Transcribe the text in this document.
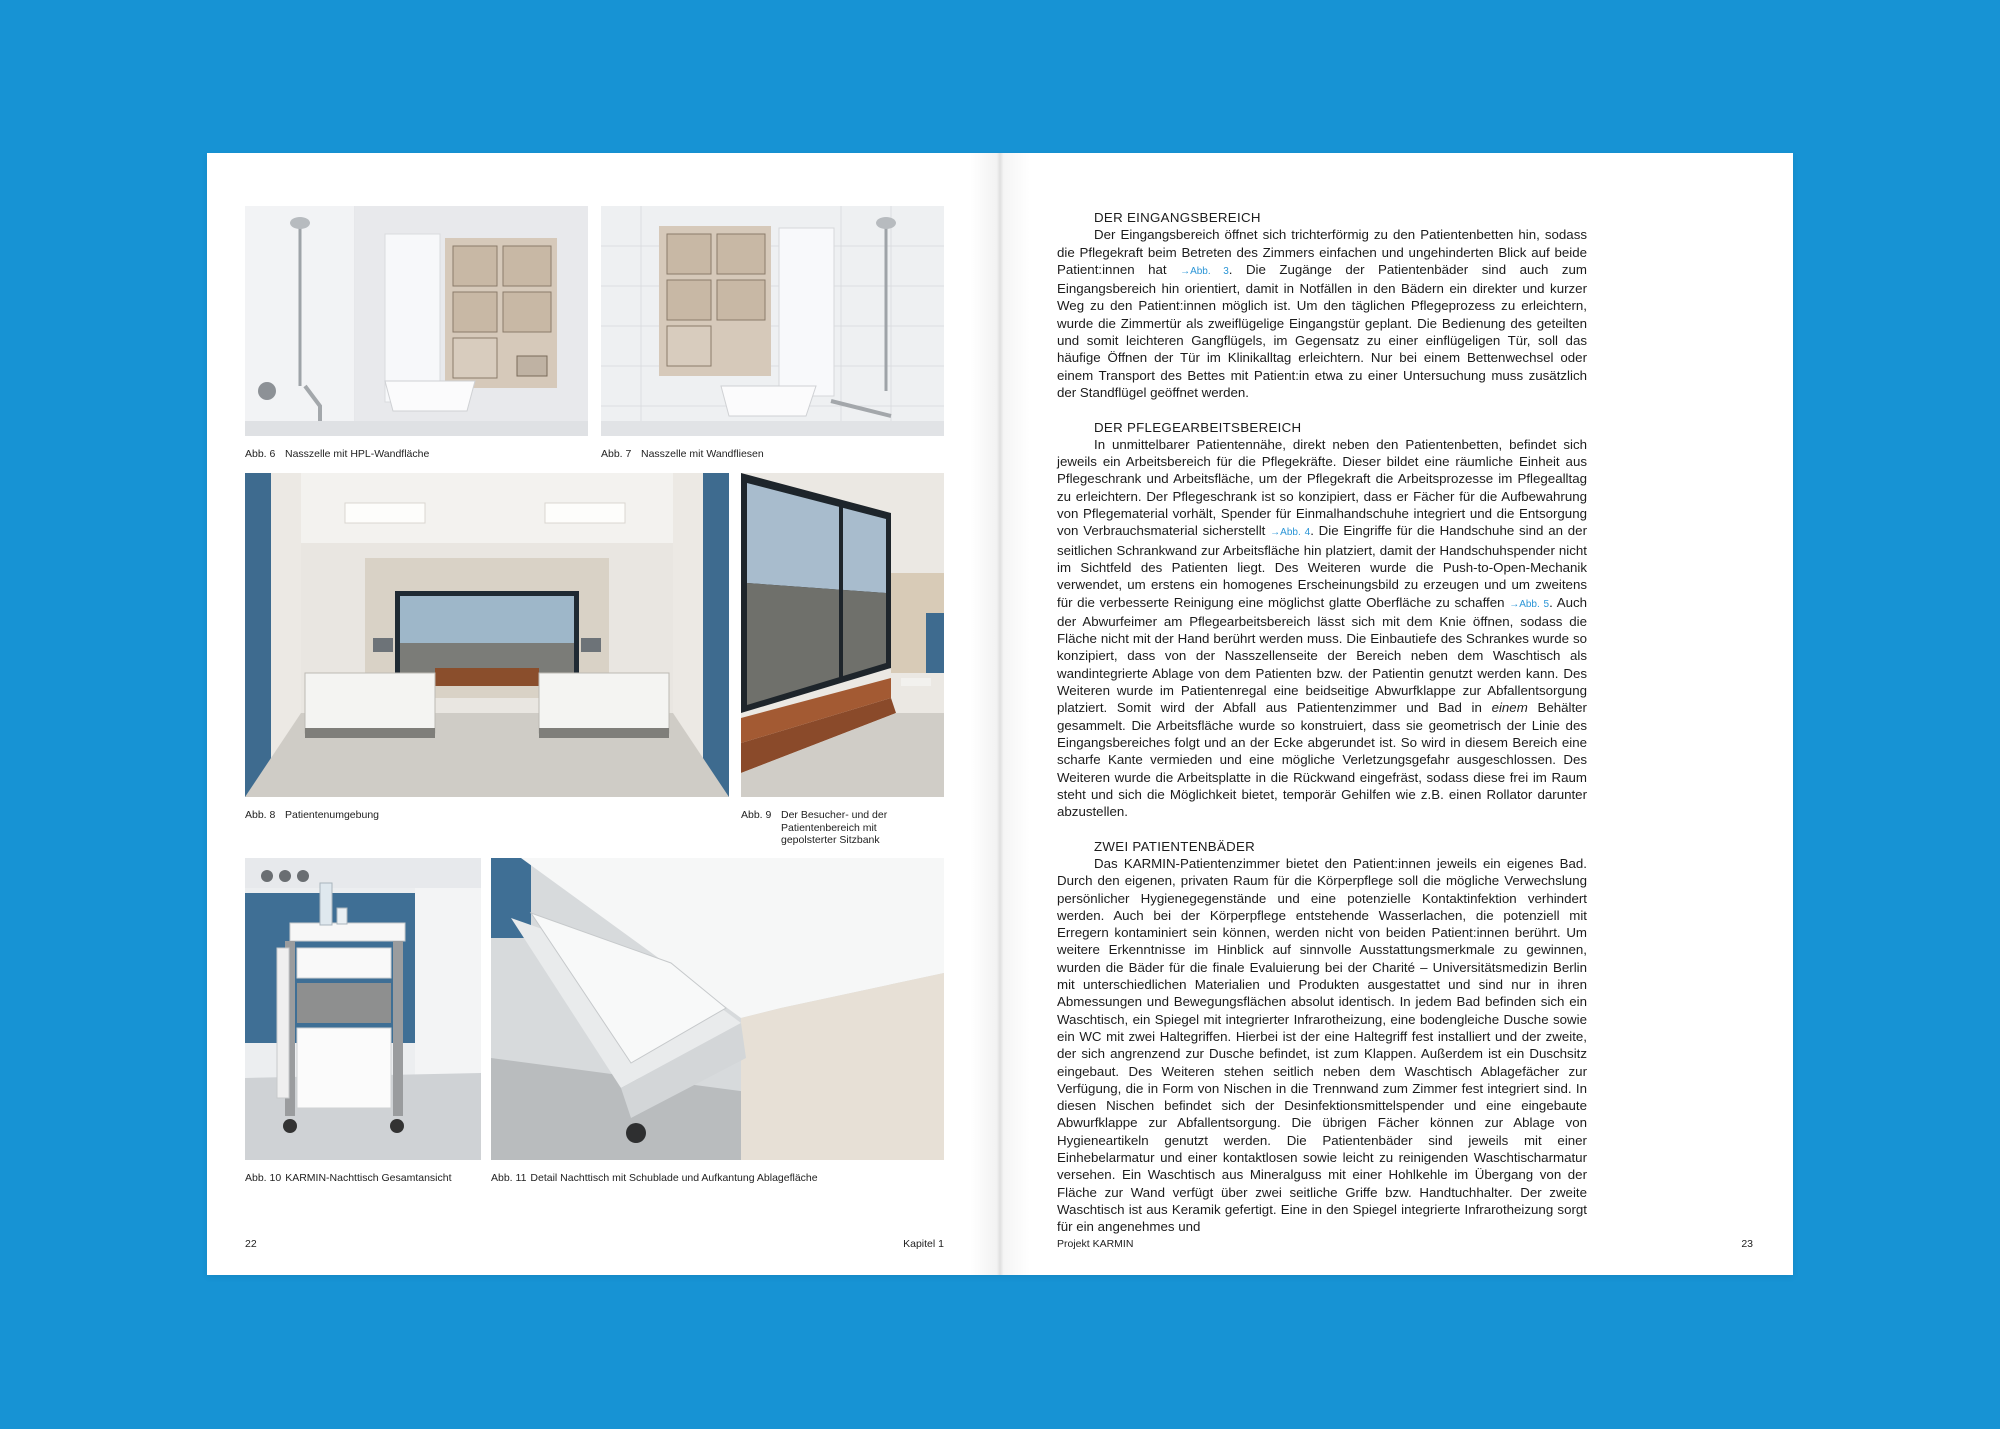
Abb. 6 Nasszelle mit HPL-Wandfläche	Abb. 7 Nasszelle mit Wandfliesen
Abb. 8 Patientenumgebung	Abb. 9 Der Besucher- und der Patientenbereich mit gepolsterter Sitzbank
Abb. 10 KARMIN-Nachttisch Gesamtansicht	Abb. 11 Detail Nachttisch mit Schublade und Aufkantung Ablagefläche
22	Kapitel 1
DER EINGANGSBEREICH

Der Eingangsbereich öffnet sich trichterförmig zu den Patientenbetten hin, sodass die Pflegekraft beim Betreten des Zimmers einfachen und ungehinderten Blick auf beide Patient:innen hat →Abb. 3. Die Zugänge der Patientenbäder sind auch zum Eingangsbereich hin orientiert, damit in Notfällen in den Bädern ein direkter und kurzer Weg zu den Patient:innen möglich ist. Um den täglichen Pflegeprozess zu erleichtern, wurde die Zimmertür als zweiflügelige Eingangstür geplant. Die Bedienung des geteilten und somit leichteren Gangflügels, im Gegensatz zu einer einflügeligen Tür, soll das häufige Öffnen der Tür im Klinikalltag erleichtern. Nur bei einem Bettenwechsel oder einem Transport des Bettes mit Patient:in etwa zu einer Untersuchung muss zusätzlich der Standflügel geöffnet werden.

DER PFLEGEARBEITSBEREICH

In unmittelbarer Patientennähe, direkt neben den Patientenbetten, befindet sich jeweils ein Arbeitsbereich für die Pflegekräfte. Dieser bildet eine räumliche Einheit aus Pflegeschrank und Arbeitsfläche, um der Pflegekraft die Arbeitsprozesse im Pflegealltag zu erleichtern. Der Pflegeschrank ist so konzipiert, dass er Fächer für die Aufbewahrung von Pflegematerial vorhält, Spender für Einmalhandschuhe integriert und die Entsorgung von Verbrauchsmaterial sicherstellt →Abb. 4. Die Eingriffe für die Handschuhe sind an der seitlichen Schrankwand zur Arbeitsfläche hin platziert, damit der Handschuhspender nicht im Sichtfeld des Patienten liegt. Des Weiteren wurde die Push-to-Open-Mechanik verwendet, um erstens ein homogenes Erscheinungsbild zu erzeugen und um zweitens für die verbesserte Reinigung eine möglichst glatte Oberfläche zu schaffen →Abb. 5. Auch der Abwurfeimer am Pflegearbeitsbereich lässt sich mit dem Knie öffnen, sodass die Fläche nicht mit der Hand berührt werden muss. Die Einbautiefe des Schrankes wurde so konzipiert, dass von der Nasszellenseite der Bereich neben dem Waschtisch als wandintegrierte Ablage von dem Patienten bzw. der Patientin genutzt werden kann. Des Weiteren wurde im Patientenregal eine beidseitige Abwurfklappe zur Abfallentsorgung platziert. Somit wird der Abfall aus Patientenzimmer und Bad in einem Behälter gesammelt. Die Arbeitsfläche wurde so konstruiert, dass sie geometrisch der Linie des Eingangsbereiches folgt und an der Ecke abgerundet ist. So wird in diesem Bereich eine scharfe Kante vermieden und eine mögliche Verletzungsgefahr ausgeschlossen. Des Weiteren wurde die Arbeitsplatte in die Rückwand eingefräst, sodass diese frei im Raum steht und sich die Möglichkeit bietet, temporär Gehilfen wie z.B. einen Rollator darunter abzustellen.

ZWEI PATIENTENBÄDER

Das KARMIN-Patientenzimmer bietet den Patient:innen jeweils ein eigenes Bad. Durch den eigenen, privaten Raum für die Körperpflege soll die mögliche Verwechslung persönlicher Hygienegegenstände und eine potenzielle Kontaktinfektion verhindert werden. Auch bei der Körperpflege entstehende Wasserlachen, die potenziell mit Erregern kontaminiert sein können, werden nicht von beiden Patient:innen berührt. Um weitere Erkenntnisse im Hinblick auf sinnvolle Ausstattungsmerkmale zu gewinnen, wurden die Bäder für die finale Evaluierung bei der Charité – Universitätsmedizin Berlin mit unterschiedlichen Materialien und Produkten ausgestattet und sind nur in ihren Abmessungen und Bewegungsflächen absolut identisch. In jedem Bad befinden sich ein Waschtisch, ein Spiegel mit integrierter Infrarotheizung, eine bodengleiche Dusche sowie ein WC mit zwei Haltegriffen. Hierbei ist der eine Haltegriff fest installiert und der zweite, der sich angrenzend zur Dusche befindet, ist zum Klappen. Außerdem ist ein Duschsitz eingebaut. Des Weiteren stehen seitlich neben dem Waschtisch Ablagefächer zur Verfügung, die in Form von Nischen in die Trennwand zum Zimmer fest integriert sind. In diesen Nischen befindet sich der Desinfektionsmittelspender und eine eingebaute Abwurfklappe zur Abfallentsorgung. Die übrigen Fächer können zur Ablage von Hygieneartikeln genutzt werden. Die Patientenbäder sind jeweils mit einer Einhebelarmatur und einer kontaktlosen sowie leicht zu reinigenden Waschtischarmatur versehen. Ein Waschtisch aus Mineralguss mit einer Hohlkehle im Übergang von der Fläche zur Wand verfügt über zwei seitliche Griffe bzw. Handtuchhalter. Der zweite Waschtisch ist aus Keramik gefertigt. Eine in den Spiegel integrierte Infrarotheizung sorgt für ein angenehmes und

Projekt KARMIN	23
